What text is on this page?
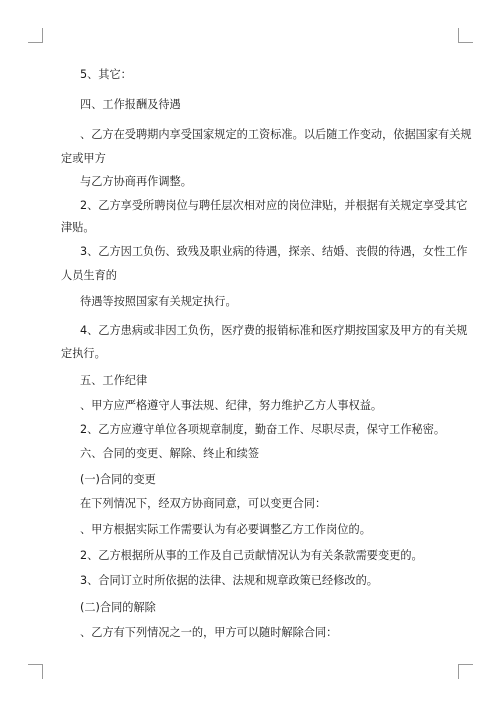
5、其它：

四、工作报酬及待遇

、乙方在受聘期内享受国家规定的工资标准。以后随工作变动，依据国家有关规

定或甲方

与乙方协商再作调整。

2、乙方享受所聘岗位与聘任层次相对应的岗位津贴，并根据有关规定享受其它

津贴。

3、乙方因工负伤、致残及职业病的待遇，探亲、结婚、丧假的待遇，女性工作

人员生育的

待遇等按照国家有关规定执行。

4、乙方患病或非因工负伤，医疗费的报销标准和医疗期按国家及甲方的有关规

定执行。

五、工作纪律

、甲方应严格遵守人事法规、纪律，努力维护乙方人事权益。

2、乙方应遵守单位各项规章制度，勤奋工作、尽职尽责，保守工作秘密。

六、合同的变更、解除、终止和续签

(一)合同的变更

在下列情况下，经双方协商同意，可以变更合同：

、甲方根据实际工作需要认为有必要调整乙方工作岗位的。

2、乙方根据所从事的工作及自己贡献情况认为有关条款需要变更的。

3、合同订立时所依据的法律、法规和规章政策已经修改的。

(二)合同的解除

、乙方有下列情况之一的，甲方可以随时解除合同：
